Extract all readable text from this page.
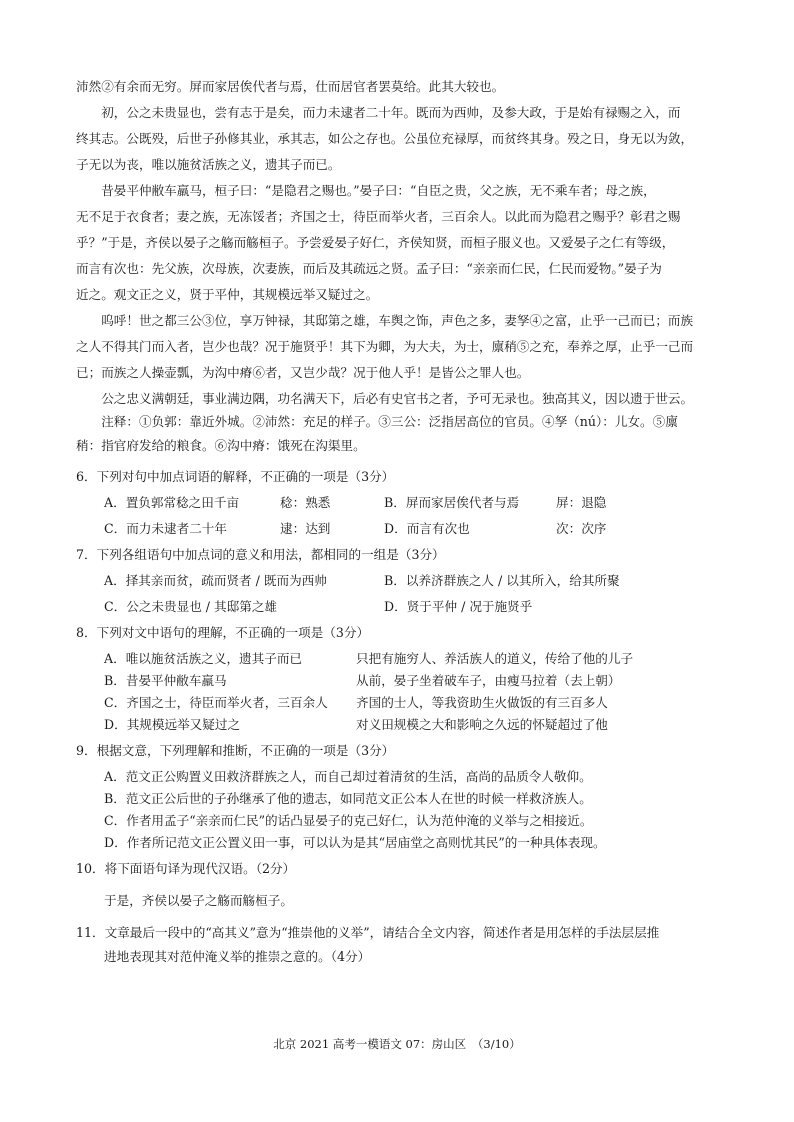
沛然②有余而无穷。屏而家居俟代者与焉，仕而居官者罢莫给。此其大较也。
初，公之未贵显也，尝有志于是矣，而力未逮者二十年。既而为西帅，及参大政，于是始有禄赐之入，而
终其志。公既殁，后世子孙修其业，承其志，如公之存也。公虽位充禄厚，而贫终其身。殁之日，身无以为敛，
子无以为丧，唯以施贫活族之义，遗其子而已。
昔晏平仲敝车羸马，桓子曰：“是隐君之赐也。”晏子曰：“自臣之贵，父之族，无不乘车者；母之族，
无不足于衣食者；妻之族，无冻馁者；齐国之士，待臣而举火者，三百余人。以此而为隐君之赐乎？彰君之赐
乎？”于是，齐侯以晏子之觞而觞桓子。予尝爱晏子好仁，齐侯知贤，而桓子服义也。又爱晏子之仁有等级，
而言有次也：先父族，次母族，次妻族，而后及其疏远之贤。孟子曰：“亲亲而仁民，仁民而爱物。”晏子为
近之。观文正之义，贤于平仲，其规模远举又疑过之。
呜呼！世之都三公③位，享万钟禄，其邸第之雄，车舆之饰，声色之多，妻孥④之富，止乎一己而已；而族
之人不得其门而入者，岂少也哉？况于施贤乎！其下为卿，为大夫，为士，廪稍⑤之充，奉养之厚，止乎一己而
已；而族之人操壶瓢，为沟中瘠⑥者，又岂少哉？况于他人乎！是皆公之罪人也。
公之忠义满朝廷，事业满边隅，功名满天下，后必有史官书之者，予可无录也。独高其义，因以遗于世云。
注释：①负郭：靠近外城。②沛然：充足的样子。③三公：泛指居高位的官员。④孥（nú）：儿女。⑤廪
稍：指官府发给的粮食。⑥沟中瘠：饿死在沟渠里。
6．下列对句中加点词语的解释，不正确的一项是（3分）
A．置负郭常稔之田千亩	稔：熟悉	B．屏而家居俟代者与焉	屏：退隐
C．而力未逮者二十年	逮：达到	D．而言有次也	次：次序
7．下列各组语句中加点词的意义和用法，都相同的一组是（3分）
A．择其亲而贫，疏而贤者 / 既而为西帅	B．以养济群族之人 / 以其所入，给其所聚
C．公之未贵显也 / 其邸第之雄	D．贤于平仲 / 况于施贤乎
8．下列对文中语句的理解，不正确的一项是（3分）
A．唯以施贫活族之义，遗其子而已	只把有施穷人、养活族人的道义，传给了他的儿子
B．昔晏平仲敝车羸马	从前，晏子坐着破车子，由瘦马拉着（去上朝）
C．齐国之士，待臣而举火者，三百余人 齐国的士人，等我资助生火做饭的有三百多人
D．其规模远举又疑过之	对义田规模之大和影响之久远的怀疑超过了他
9．根据文意，下列理解和推断，不正确的一项是（3分）
A．范文正公购置义田救济群族之人，而自己却过着清贫的生活，高尚的品质令人敬仰。
B．范文正公后世的子孙继承了他的遗志，如同范文正公本人在世的时候一样救济族人。
C．作者用孟子“亲亲而仁民”的话凸显晏子的克己好仁，认为范仲淹的义举与之相接近。
D．作者所记范文正公置义田一事，可以认为是其“居庙堂之高则忧其民”的一种具体表现。
10．将下面语句译为现代汉语。（2分）
于是，齐侯以晏子之觞而觞桓子。
11．文章最后一段中的“高其义”意为“推崇他的义举”，请结合全文内容，简述作者是用怎样的手法层层推
进地表现其对范仲淹义举的推崇之意的。（4分）
北京 2021 高考一模语文 07：房山区　（3/10）
